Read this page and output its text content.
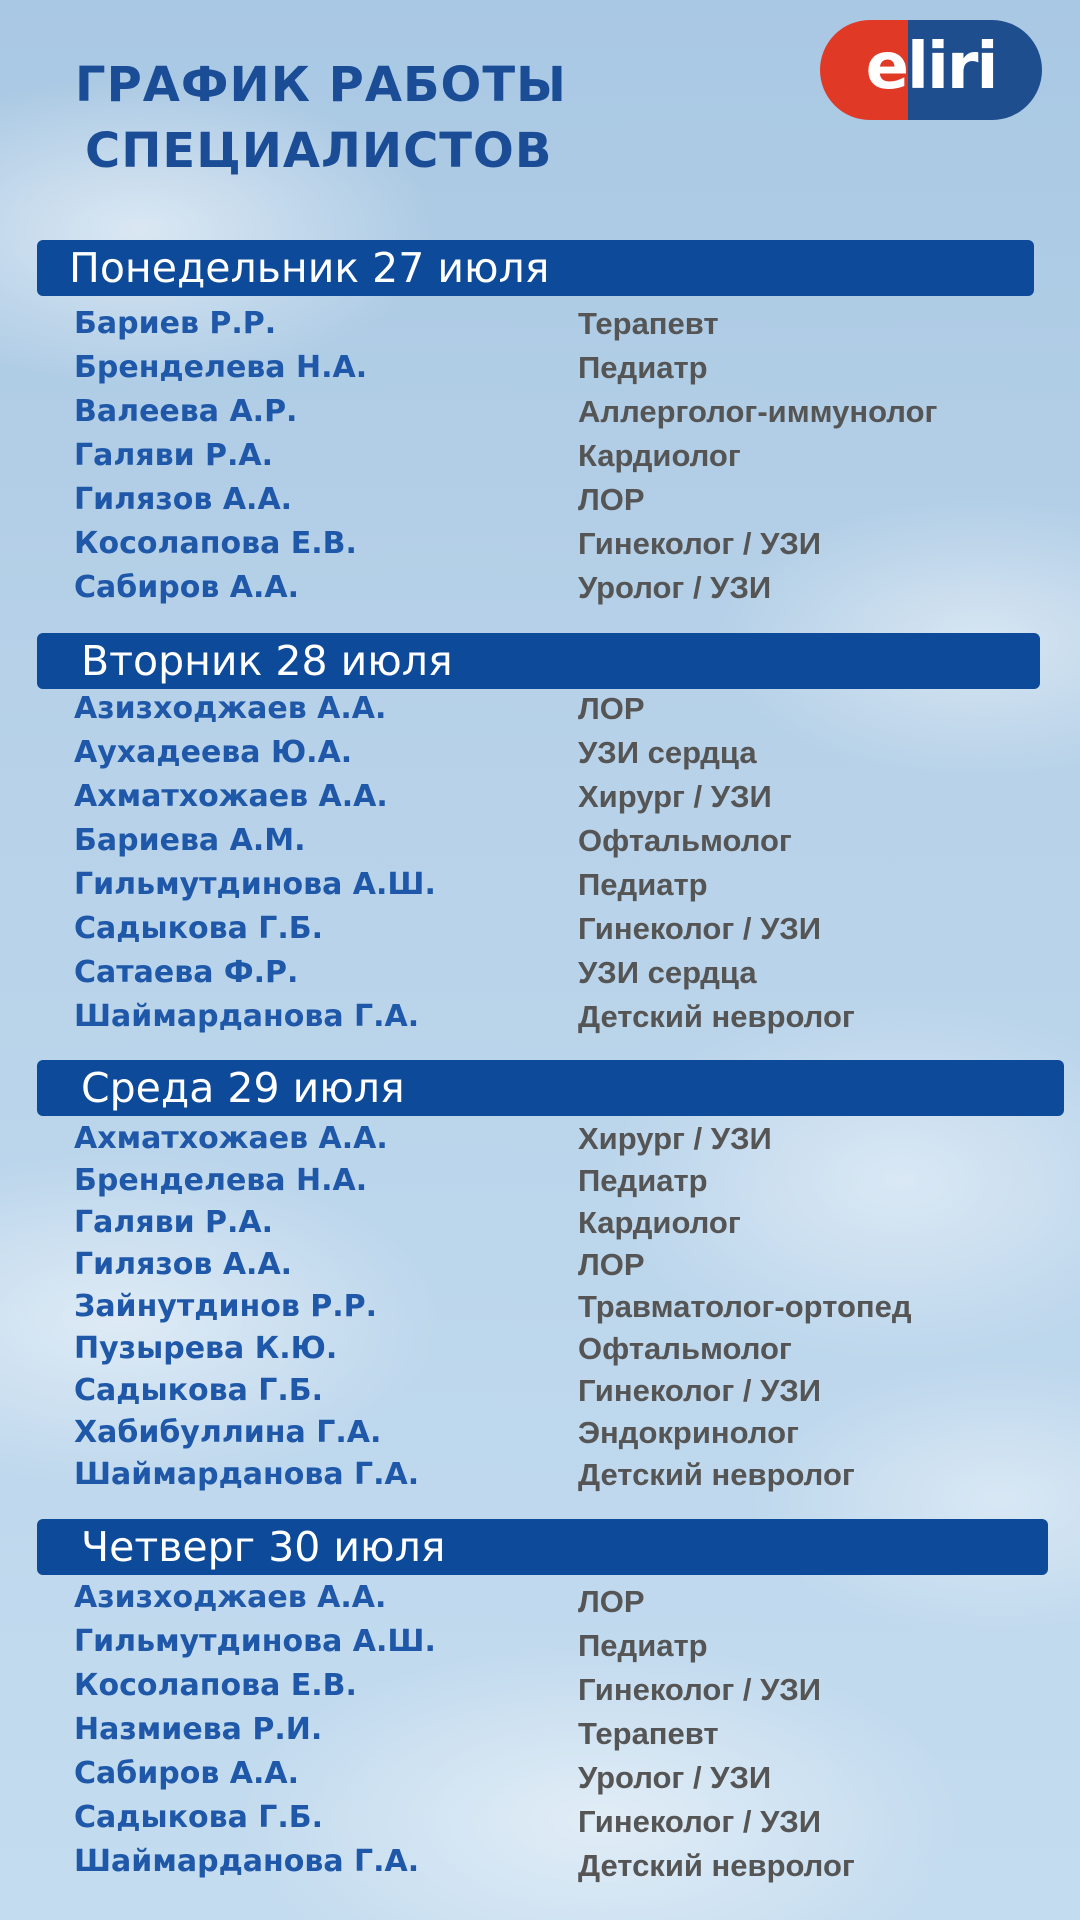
ГРАФИК РАБОТЫ
СПЕЦИАЛИСТОВ
eliri
Понедельник 27 июля
Бариев Р.Р.	Терапевт
Бренделева Н.А.	Педиатр
Валеева А.Р.	Аллерголог-иммунолог
Галяви Р.А.	Кардиолог
Гилязов А.А.	ЛОР
Косолапова Е.В.	Гинеколог / УЗИ
Сабиров А.А.	Уролог / УЗИ
Вторник 28 июля
Азизходжаев А.А.	ЛОР
Аухадеева Ю.А.	УЗИ сердца
Ахматхожаев А.А.	Хирург / УЗИ
Бариева А.М.	Офтальмолог
Гильмутдинова А.Ш.	Педиатр
Садыкова Г.Б.	Гинеколог / УЗИ
Сатаева Ф.Р.	УЗИ сердца
Шаймарданова Г.А.	Детский невролог
Среда 29 июля
Ахматхожаев А.А.	Хирург / УЗИ
Бренделева Н.А.	Педиатр
Галяви Р.А.	Кардиолог
Гилязов А.А.	ЛОР
Зайнутдинов Р.Р.	Травматолог-ортопед
Пузырева К.Ю.	Офтальмолог
Садыкова Г.Б.	Гинеколог / УЗИ
Хабибуллина Г.А.	Эндокринолог
Шаймарданова Г.А.	Детский невролог
Четверг 30 июля
Азизходжаев А.А.	ЛОР
Гильмутдинова А.Ш.	Педиатр
Косолапова Е.В.	Гинеколог / УЗИ
Назмиева Р.И.	Терапевт
Сабиров А.А.	Уролог / УЗИ
Садыкова Г.Б.	Гинеколог / УЗИ
Шаймарданова Г.А.	Детский невролог
